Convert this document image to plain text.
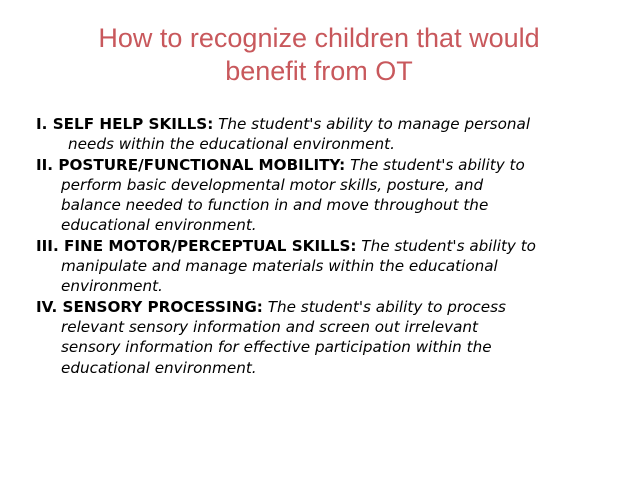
How to recognize children that would
benefit from OT
I. SELF HELP SKILLS: The student's ability to manage personal
needs within the educational environment.
II. POSTURE/FUNCTIONAL MOBILITY: The student's ability to
perform basic developmental motor skills, posture, and
balance needed to function in and move throughout the
educational environment.
III. FINE MOTOR/PERCEPTUAL SKILLS: The student's ability to
manipulate and manage materials within the educational
environment.
IV. SENSORY PROCESSING: The student's ability to process
relevant sensory information and screen out irrelevant
sensory information for effective participation within the
educational environment.
